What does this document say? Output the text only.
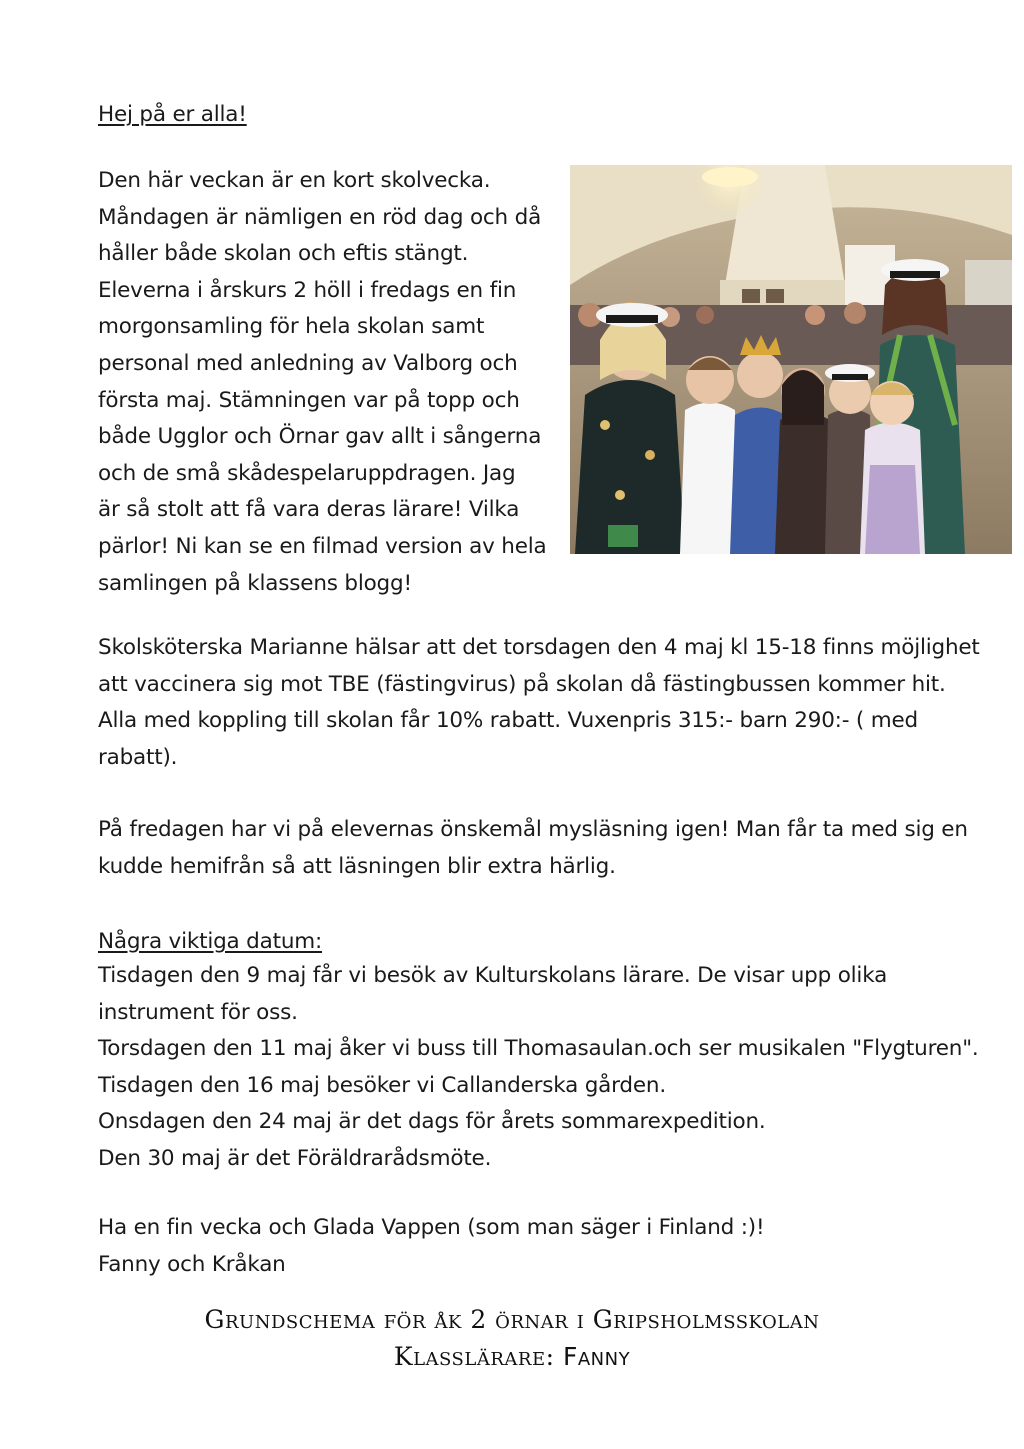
Hej på er alla!
Den här veckan är en kort skolvecka.
Måndagen är nämligen en röd dag och då
håller både skolan och eftis stängt.
Eleverna i årskurs 2 höll i fredags en fin
morgonsamling för hela skolan samt
personal med anledning av Valborg och
första maj. Stämningen var på topp och
både Ugglor och Örnar gav allt i sångerna
och de små skådespelaruppdragen. Jag
är så stolt att få vara deras lärare! Vilka
pärlor! Ni kan se en filmad version av hela
samlingen på klassens blogg!
Skolsköterska Marianne hälsar att det torsdagen den 4 maj kl 15-18 finns möjlighet
att vaccinera sig mot TBE (fästingvirus) på skolan då fästingbussen kommer hit.
Alla med koppling till skolan får 10% rabatt. Vuxenpris 315:- barn 290:- ( med
rabatt).
På fredagen har vi på elevernas önskemål mysläsning igen! Man får ta med sig en
kudde hemifrån så att läsningen blir extra härlig.
Några viktiga datum:
Tisdagen den 9 maj får vi besök av Kulturskolans lärare. De visar upp olika
instrument för oss.
Torsdagen den 11 maj åker vi buss till Thomasaulan.och ser musikalen "Flygturen".
Tisdagen den 16 maj besöker vi Callanderska gården.
Onsdagen den 24 maj är det dags för årets sommarexpedition.
Den 30 maj är det Föräldrarådsmöte.
Ha en fin vecka och Glada Vappen (som man säger i Finland :)!
Fanny och Kråkan
Grundschema för åk 2 örnar i Gripsholmsskolan
Klasslärare: Fanny
